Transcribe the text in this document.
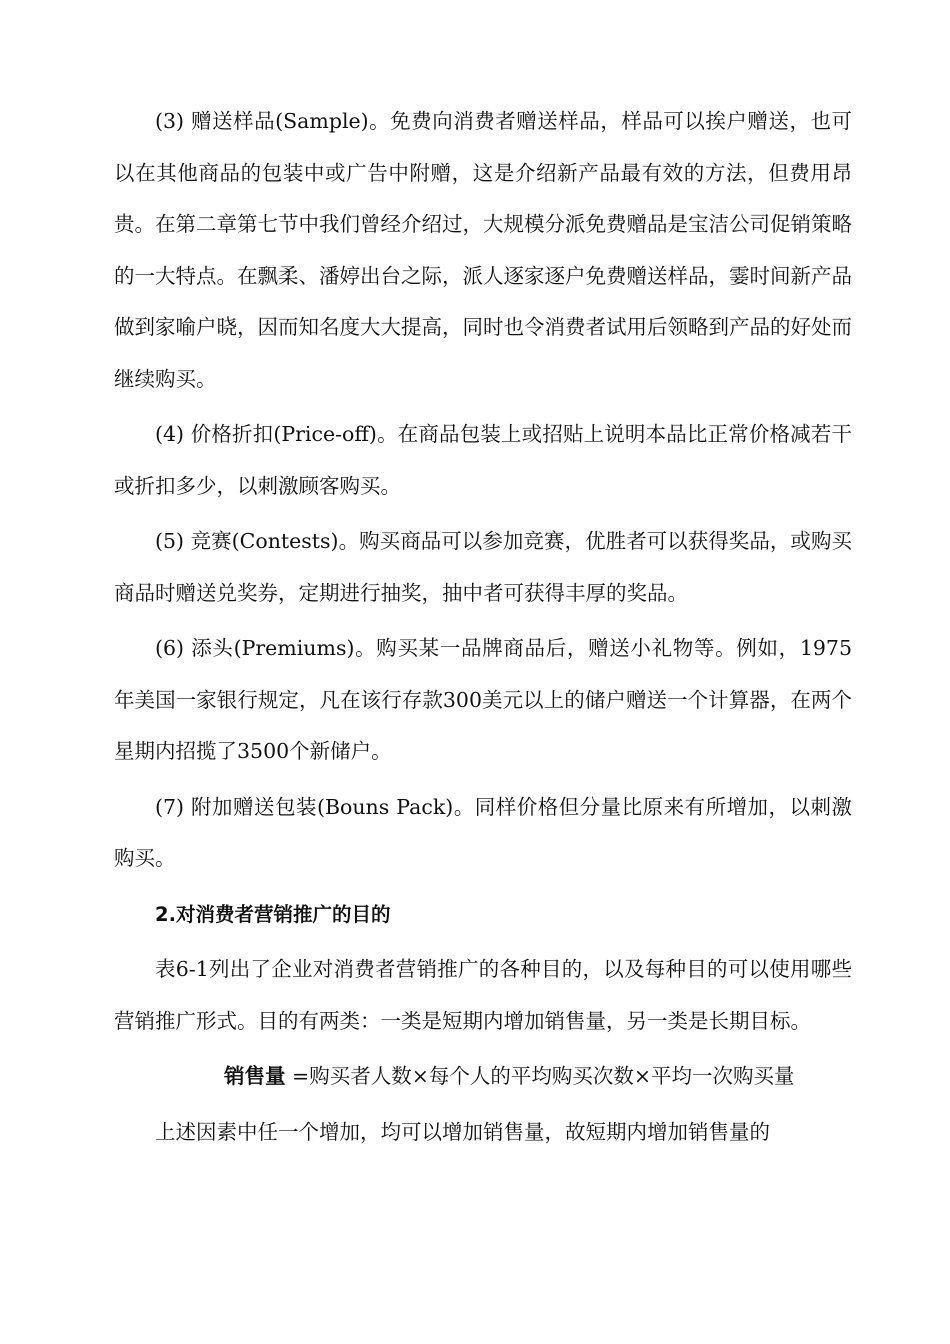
(3) 赠送样品(Sample)。免费向消费者赠送样品，样品可以挨户赠送，也可以在其他商品的包装中或广告中附赠，这是介绍新产品最有效的方法，但费用昂贵。在第二章第七节中我们曾经介绍过，大规模分派免费赠品是宝洁公司促销策略的一大特点。在飘柔、潘婷出台之际，派人逐家逐户免费赠送样品，霎时间新产品做到家喻户晓，因而知名度大大提高，同时也令消费者试用后领略到产品的好处而继续购买。

(4) 价格折扣(Price-off)。在商品包装上或招贴上说明本品比正常价格减若干或折扣多少，以刺激顾客购买。

(5) 竞赛(Contests)。购买商品可以参加竞赛，优胜者可以获得奖品，或购买商品时赠送兑奖券，定期进行抽奖，抽中者可获得丰厚的奖品。

(6) 添头(Premiums)。购买某一品牌商品后，赠送小礼物等。例如，1975年美国一家银行规定，凡在该行存款300美元以上的储户赠送一个计算器，在两个星期内招揽了3500个新储户。

(7) 附加赠送包装(Bouns Pack)。同样价格但分量比原来有所增加，以刺激购买。

2.对消费者营销推广的目的

表6-1列出了企业对消费者营销推广的各种目的，以及每种目的可以使用哪些营销推广形式。目的有两类：一类是短期内增加销售量，另一类是长期目标。

销售量 =购买者人数×每个人的平均购买次数×平均一次购买量

上述因素中任一个增加，均可以增加销售量，故短期内增加销售量的
